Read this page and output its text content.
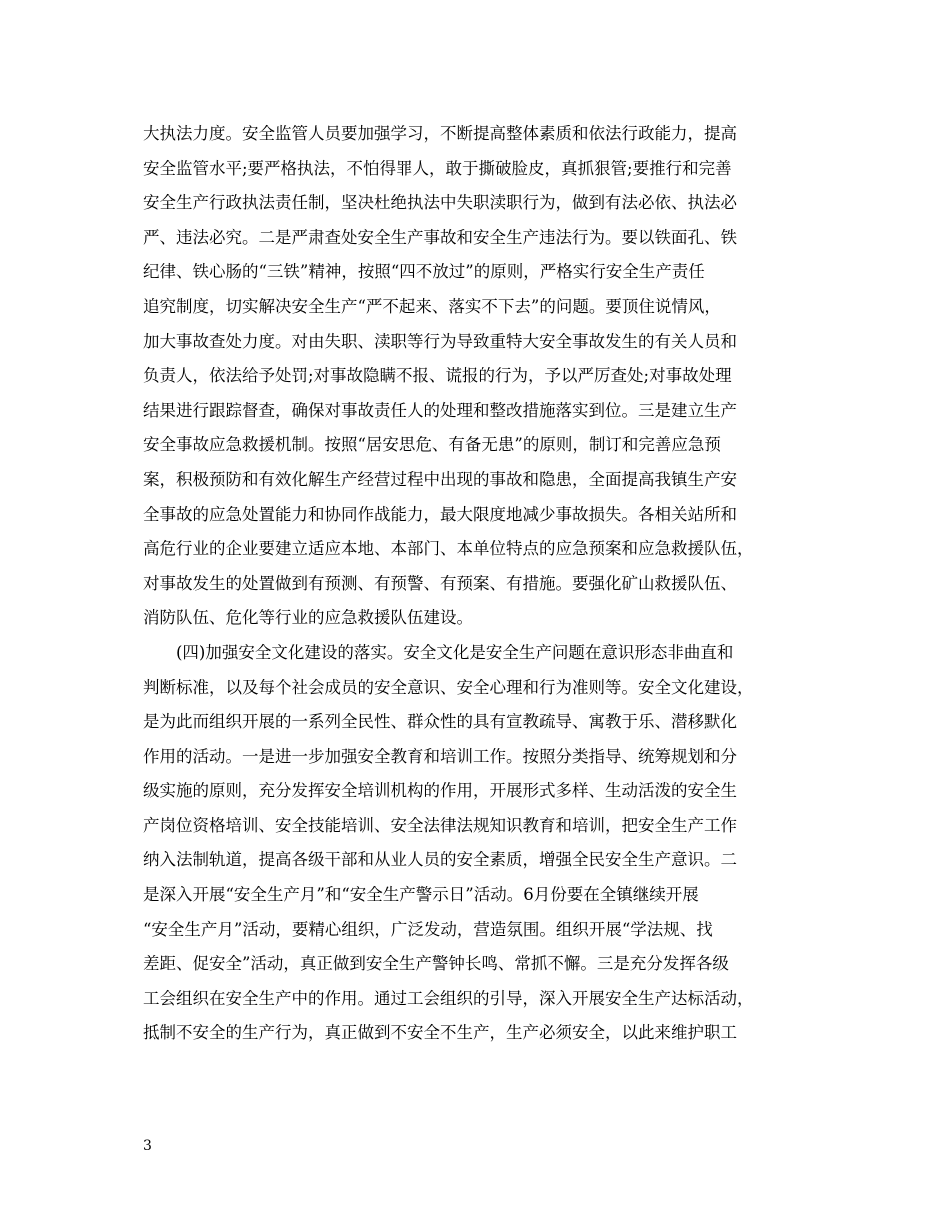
大执法力度。安全监管人员要加强学习，不断提高整体素质和依法行政能力，提高
安全监管水平;要严格执法，不怕得罪人，敢于撕破脸皮，真抓狠管;要推行和完善
安全生产行政执法责任制，坚决杜绝执法中失职渎职行为，做到有法必依、执法必
严、违法必究。二是严肃查处安全生产事故和安全生产违法行为。要以铁面孔、铁
纪律、铁心肠的“三铁”精神，按照“四不放过”的原则，严格实行安全生产责任
追究制度，切实解决安全生产“严不起来、落实不下去”的问题。要顶住说情风，
加大事故查处力度。对由失职、渎职等行为导致重特大安全事故发生的有关人员和
负责人，依法给予处罚;对事故隐瞒不报、谎报的行为，予以严厉查处;对事故处理
结果进行跟踪督查，确保对事故责任人的处理和整改措施落实到位。三是建立生产
安全事故应急救援机制。按照“居安思危、有备无患”的原则，制订和完善应急预
案，积极预防和有效化解生产经营过程中出现的事故和隐患，全面提高我镇生产安
全事故的应急处置能力和协同作战能力，最大限度地减少事故损失。各相关站所和
高危行业的企业要建立适应本地、本部门、本单位特点的应急预案和应急救援队伍，
对事故发生的处置做到有预测、有预警、有预案、有措施。要强化矿山救援队伍、
消防队伍、危化等行业的应急救援队伍建设。
(四)加强安全文化建设的落实。安全文化是安全生产问题在意识形态非曲直和
判断标准，以及每个社会成员的安全意识、安全心理和行为准则等。安全文化建设，
是为此而组织开展的一系列全民性、群众性的具有宣教疏导、寓教于乐、潜移默化
作用的活动。一是进一步加强安全教育和培训工作。按照分类指导、统筹规划和分
级实施的原则，充分发挥安全培训机构的作用，开展形式多样、生动活泼的安全生
产岗位资格培训、安全技能培训、安全法律法规知识教育和培训，把安全生产工作
纳入法制轨道，提高各级干部和从业人员的安全素质，增强全民安全生产意识。二
是深入开展“安全生产月”和“安全生产警示日”活动。6月份要在全镇继续开展
“安全生产月”活动，要精心组织，广泛发动，营造氛围。组织开展“学法规、找
差距、促安全”活动，真正做到安全生产警钟长鸣、常抓不懈。三是充分发挥各级
工会组织在安全生产中的作用。通过工会组织的引导，深入开展安全生产达标活动，
抵制不安全的生产行为，真正做到不安全不生产，生产必须安全，以此来维护职工
3
